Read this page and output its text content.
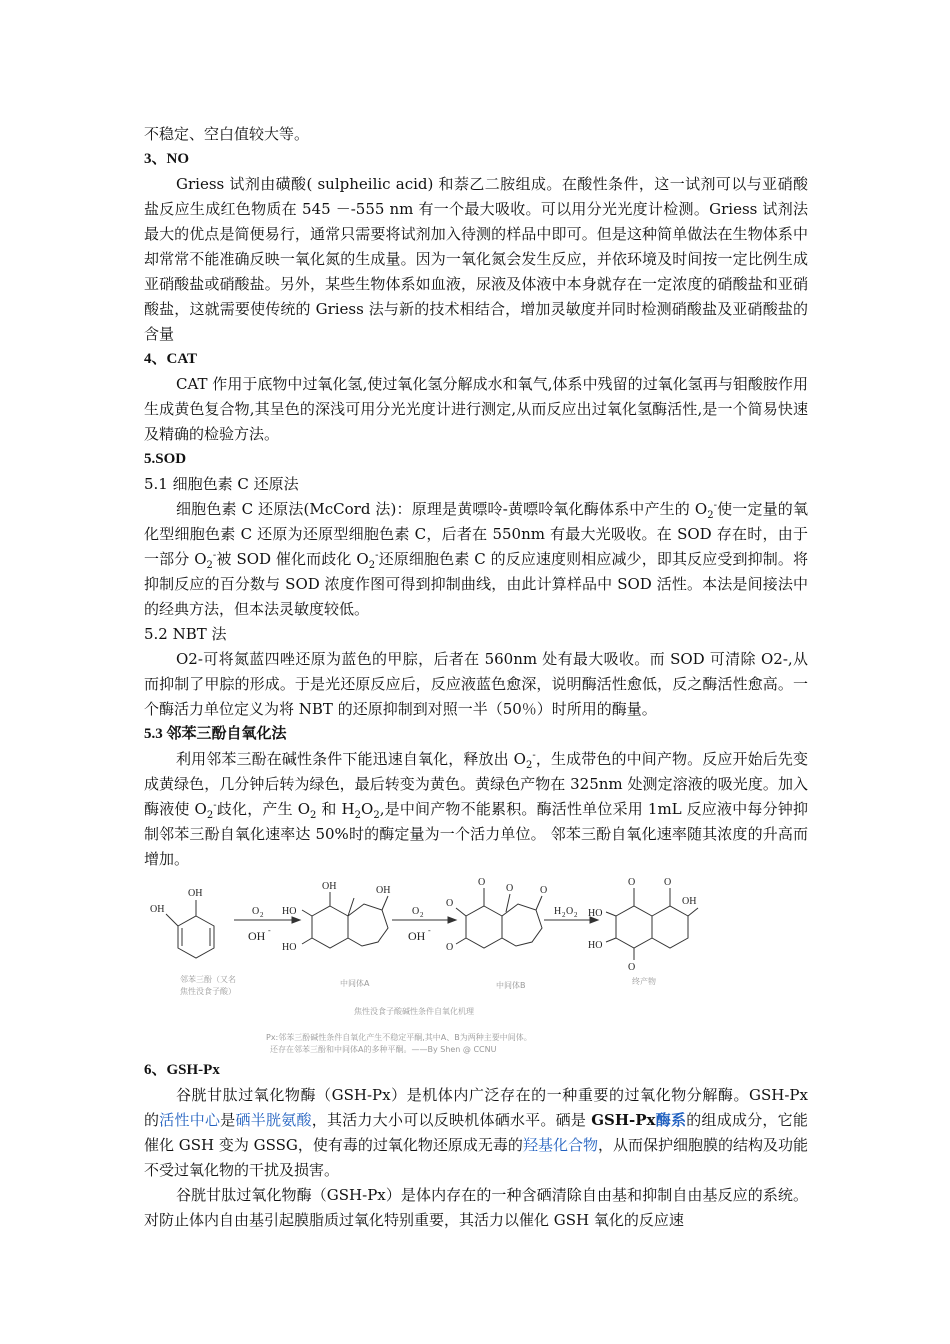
不稳定、空白值较大等。

3、NO

Griess 试剂由磺酸( sulpheilic acid) 和萘乙二胺组成。在酸性条件，这一试剂可以与亚硝酸盐反应生成红色物质在 545 －-555 nm 有一个最大吸收。可以用分光光度计检测。Griess 试剂法最大的优点是简便易行，通常只需要将试剂加入待测的样品中即可。但是这种简单做法在生物体系中却常常不能准确反映一氧化氮的生成量。因为一氧化氮会发生反应，并依环境及时间按一定比例生成亚硝酸盐或硝酸盐。另外，某些生物体系如血液，尿液及体液中本身就存在一定浓度的硝酸盐和亚硝酸盐，这就需要使传统的 Griess 法与新的技术相结合，增加灵敏度并同时检测硝酸盐及亚硝酸盐的含量

4、CAT

CAT 作用于底物中过氧化氢,使过氧化氢分解成水和氧气,体系中残留的过氧化氢再与钼酸胺作用生成黄色复合物,其呈色的深浅可用分光光度计进行测定,从而反应出过氧化氢酶活性,是一个简易快速及精确的检验方法。

5.SOD

5.1 细胞色素 C 还原法

细胞色素 C 还原法(McCord 法)：原理是黄嘌呤-黄嘌呤氧化酶体系中产生的 $O_2^-$使一定量的氧化型细胞色素 C 还原为还原型细胞色素 C，后者在 550nm 有最大光吸收。在 SOD 存在时，由于一部分 $O_2^-$被 SOD 催化而歧化 $O_2^-$还原细胞色素 C 的反应速度则相应减少，即其反应受到抑制。将抑制反应的百分数与 SOD 浓度作图可得到抑制曲线，由此计算样品中 SOD 活性。本法是间接法中的经典方法，但本法灵敏度较低。

5.2 NBT 法

O2-可将氮蓝四唑还原为蓝色的甲腙，后者在 560nm 处有最大吸收。而 SOD 可清除 O2-,从而抑制了甲腙的形成。于是光还原反应后，反应液蓝色愈深，说明酶活性愈低，反之酶活性愈高。一个酶活力单位定义为将 NBT 的还原抑制到对照一半（50％）时所用的酶量。

5.3 邻苯三酚自氧化法

利用邻苯三酚在碱性条件下能迅速自氧化，释放出 $O_2^-$，生成带色的中间产物。反应开始后先变成黄绿色，几分钟后转为绿色，最后转变为黄色。黄绿色产物在 325nm 处测定溶液的吸光度。加入酶液使 $O_2^-$歧化，产生 $O_2$ 和 $H_2O_2$,是中间产物不能累积。酶活性单位采用 1mL 反应液中每分钟抑制邻苯三酚自氧化速率达 50%时的酶定量为一个活力单位。 邻苯三酚自氧化速率随其浓度的升高而增加。

OH
OH
OH	OH
HO
HO
O
O	O
O
O
O	O
O
OH
HO
HO
O 2
OH -
O 2
OH -
H 2 O 2
邻苯三酚（又名
焦性没食子酸）
中间体A	中间体B	终产物
焦性没食子酸碱性条件自氧化机理
Px:邻苯三酚碱性条件自氧化产生不稳定平酮,其中A、B为两种主要中间体。
还存在邻苯三酚和中间体A的多种平酮。——By Shen @ CCNU

6、GSH-Px

谷胱甘肽过氧化物酶（GSH-Px）是机体内广泛存在的一种重要的过氧化物分解酶。GSH-Px 的活性中心是硒半胱氨酸，其活力大小可以反映机体硒水平。硒是 GSH-Px酶系的组成成分，它能催化 GSH 变为 GSSG，使有毒的过氧化物还原成无毒的羟基化合物，从而保护细胞膜的结构及功能不受过氧化物的干扰及损害。

谷胱甘肽过氧化物酶（GSH-Px）是体内存在的一种含硒清除自由基和抑制自由基反应的系统。对防止体内自由基引起膜脂质过氧化特别重要，其活力以催化 GSH 氧化的反应速
